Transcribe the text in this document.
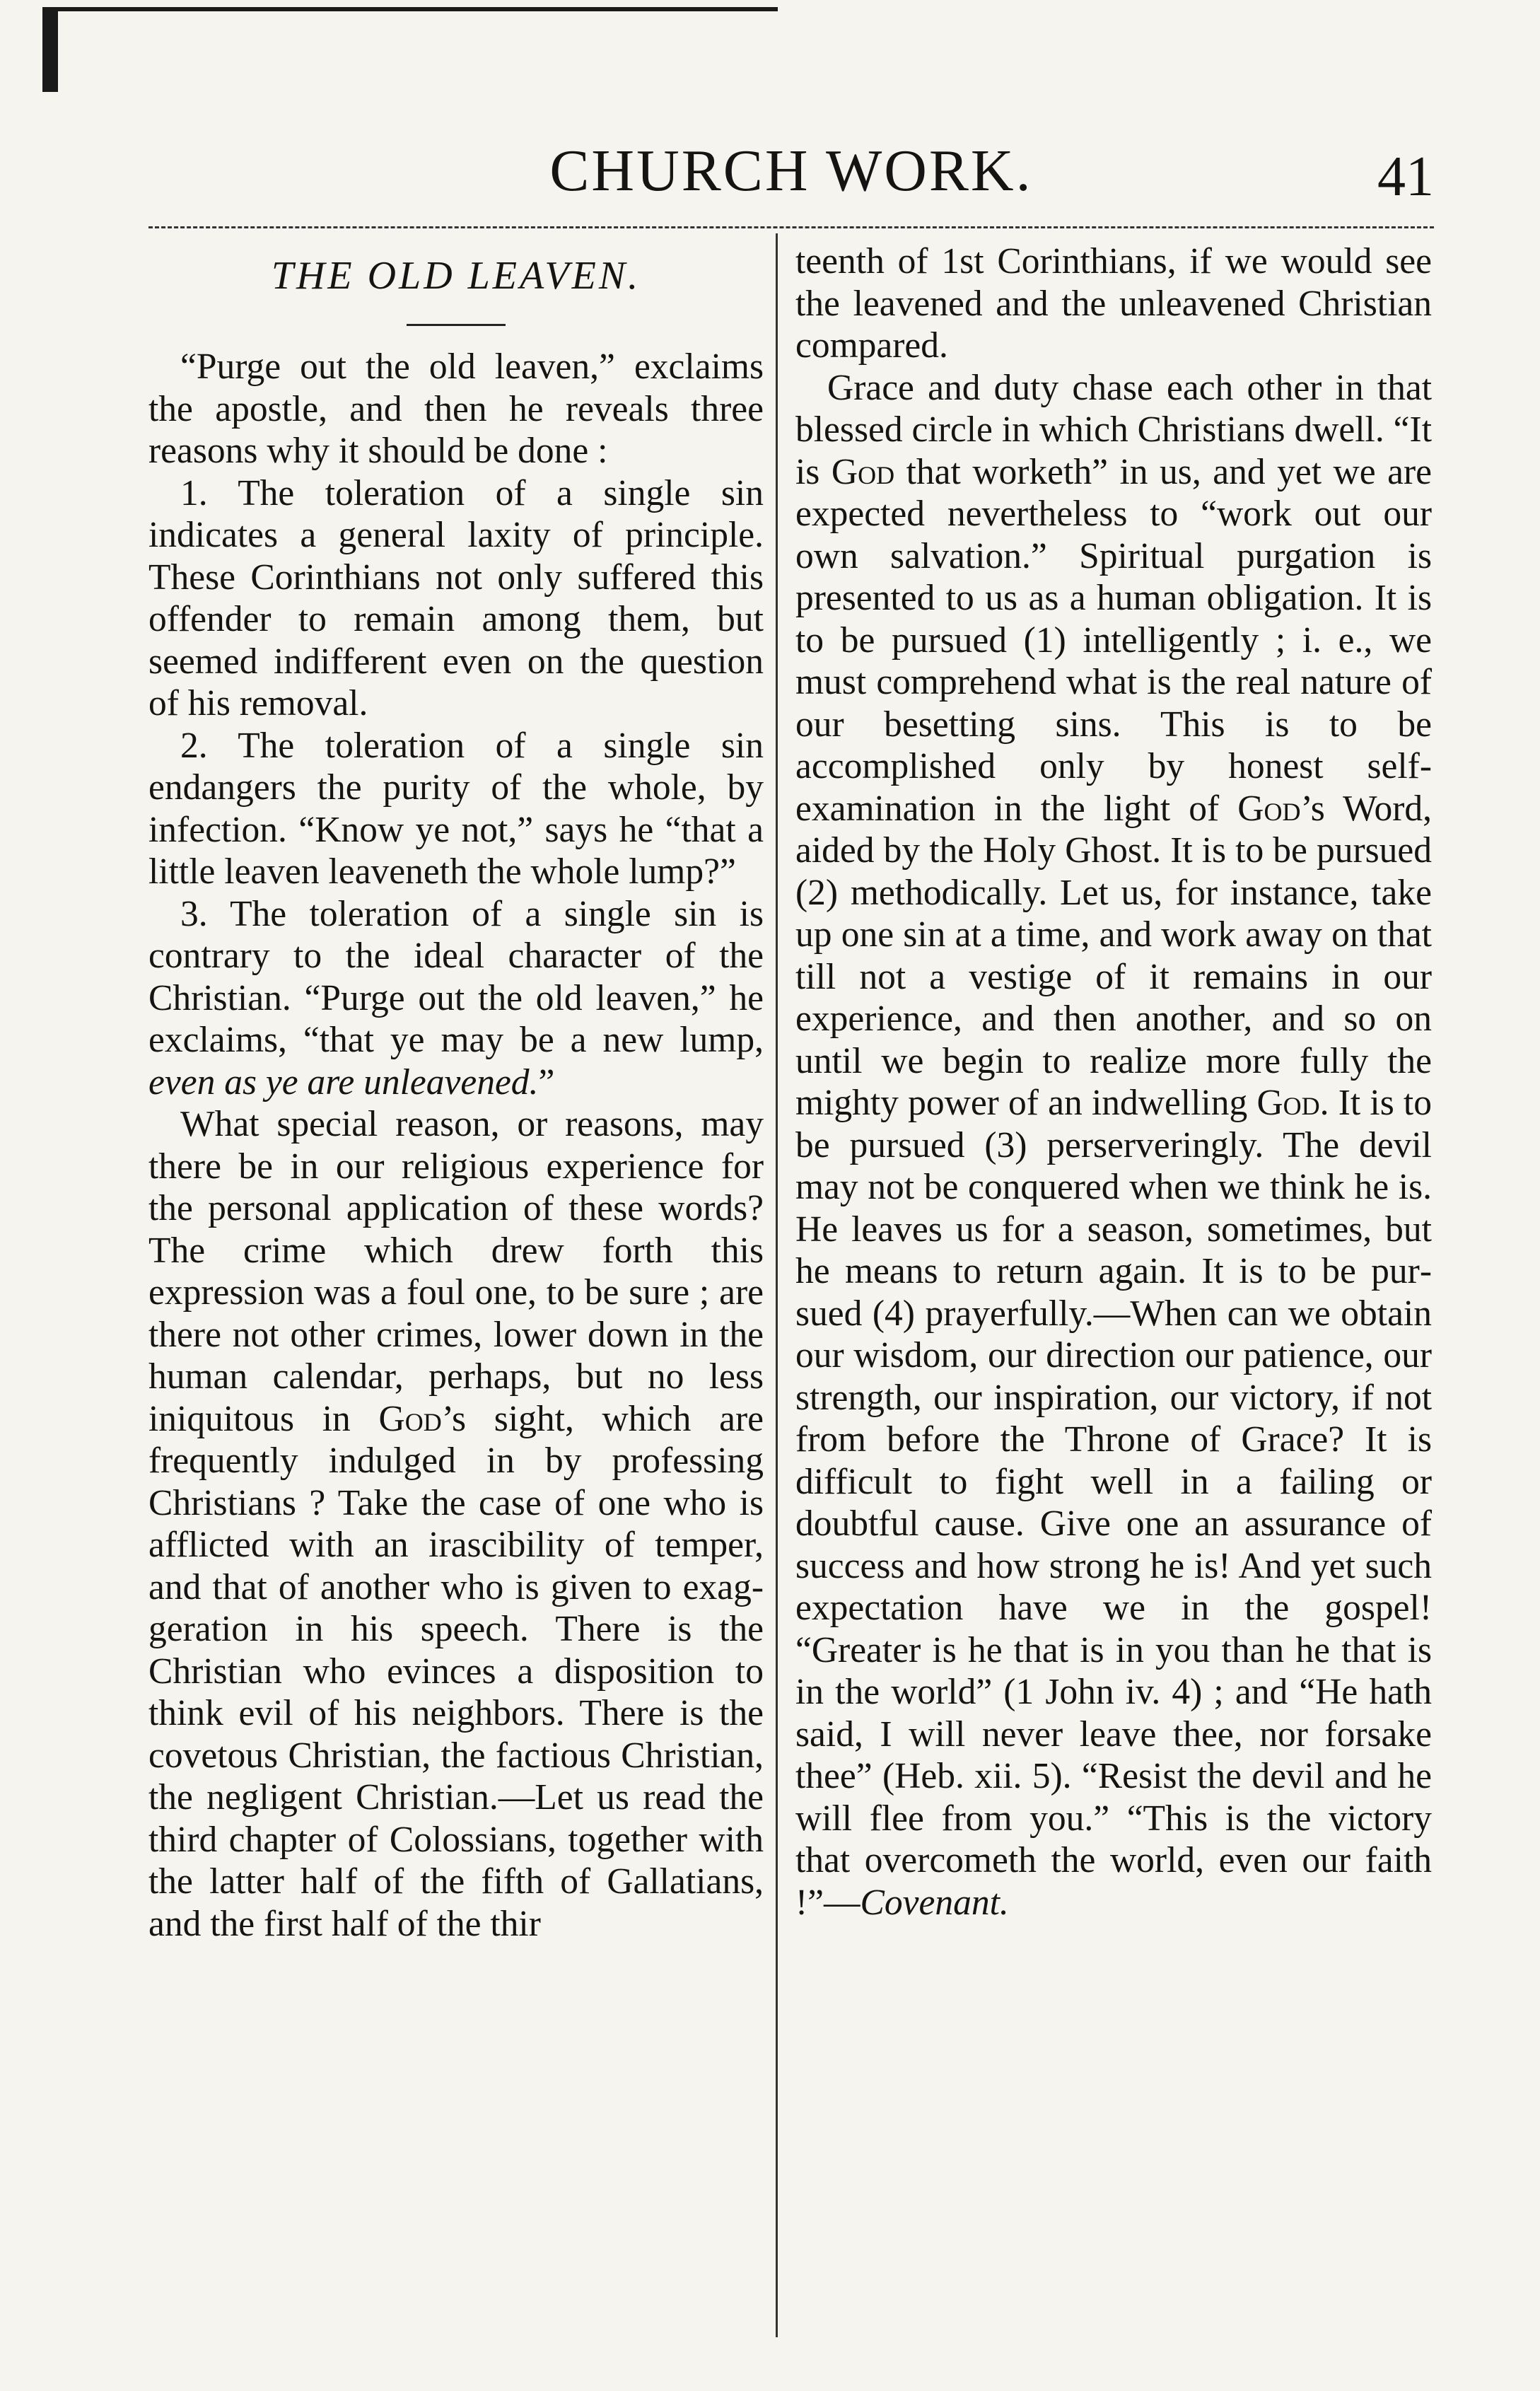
CHURCH WORK.	41
THE OLD LEAVEN.

“Purge out the old leaven,” exclaims the apostle, and then he reveals three reasons why it should be done :

1. The toleration of a single sin indicates a general laxity of principle. These Corinthians not only suffered this offender to remain among them, but seemed indifferent even on the question of his removal.

2. The toleration of a single sin endangers the purity of the whole, by infection. “Know ye not,” says he “that a little leaven leaveneth the whole lump?”

3. The toleration of a single sin is contrary to the ideal character of the Christian. “Purge out the old leaven,” he exclaims, “that ye may be a new lump, even as ye are unleavened.”

What special reason, or reasons, may there be in our religious experience for the personal application of these words? The crime which drew forth this expression was a foul one, to be sure ; are there not other crimes, lower down in the human calendar, perhaps, but no less iniquitous in God’s sight, which are frequently indulged in by professing Christians ? Take the case of one who is afflicted with an irascibility of temper, and that of another who is given to exaggeration in his speech. There is the Christian who evinces a disposition to think evil of his neighbors. There is the covetous Christian, the factious Christian, the negligent Christian.—Let us read the third chapter of Colossians, together with the latter half of the fifth of Gallatians, and the first half of the thir

teenth of 1st Corinthians, if we would see the leavened and the unleavened Christian compared.

Grace and duty chase each other in that blessed circle in which Christians dwell. “It is God that worketh” in us, and yet we are expected nevertheless to “work out our own salvation.” Spiritual purgation is presented to us as a human obligation. It is to be pursued (1) intelligently ; i. e., we must comprehend what is the real nature of our besetting sins. This is to be accomplished only by honest self-examination in the light of God’s Word, aided by the Holy Ghost. It is to be pursued (2) methodically. Let us, for instance, take up one sin at a time, and work away on that till not a vestige of it remains in our experience, and then another, and so on until we begin to realize more fully the mighty power of an indwelling God. It is to be pursued (3) perserveringly. The devil may not be conquered when we think he is. He leaves us for a season, sometimes, but he means to return again. It is to be pursued (4) prayerfully.—When can we obtain our wisdom, our direction our patience, our strength, our inspiration, our victory, if not from before the Throne of Grace? It is difficult to fight well in a failing or doubtful cause. Give one an assurance of success and how strong he is! And yet such expectation have we in the gospel! “Greater is he that is in you than he that is in the world” (1 John iv. 4) ; and “He hath said, I will never leave thee, nor forsake thee” (Heb. xii. 5). “Resist the devil and he will flee from you.” “This is the victory that overcometh the world, even our faith !”—Covenant.
